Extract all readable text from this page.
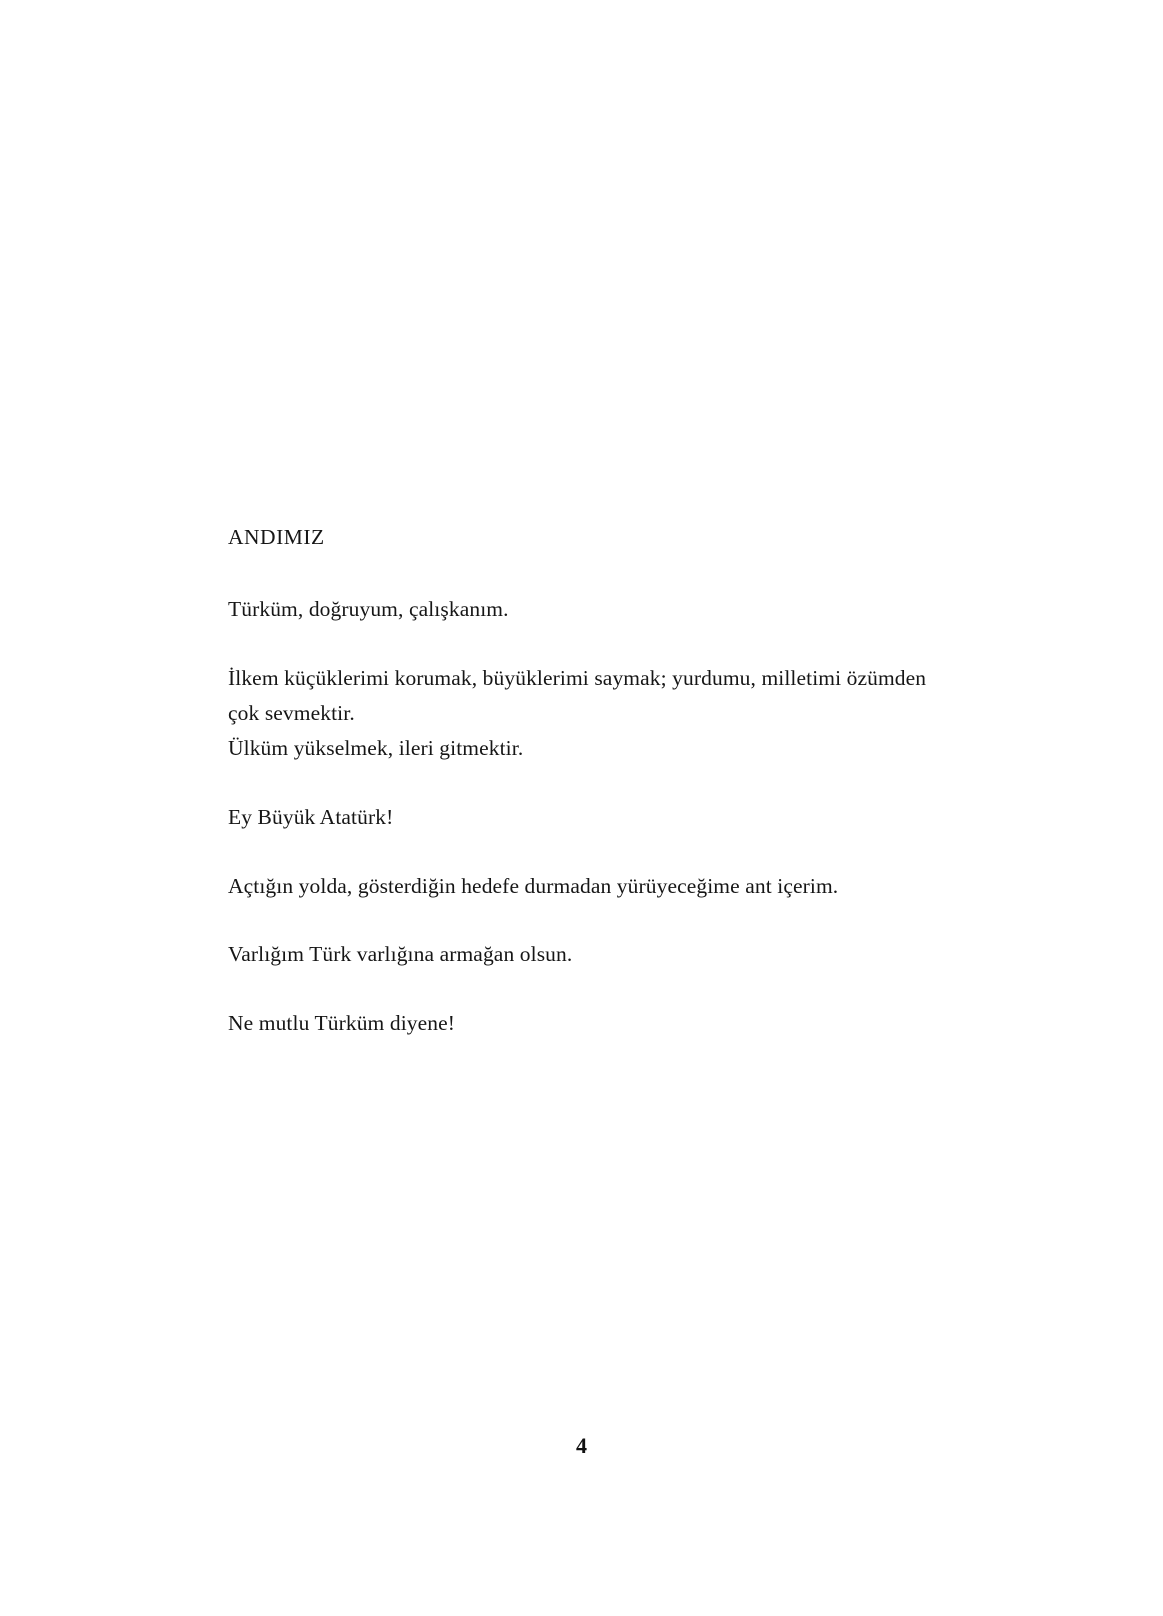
ANDIMIZ

Türküm, doğruyum, çalışkanım.

İlkem küçüklerimi korumak, büyüklerimi saymak; yurdumu, milletimi özümden çok sevmektir.

Ülküm yükselmek, ileri gitmektir.

Ey Büyük Atatürk!

Açtığın yolda, gösterdiğin hedefe durmadan yürüyeceğime ant içerim.

Varlığım Türk varlığına armağan olsun.

Ne mutlu Türküm diyene!

4
